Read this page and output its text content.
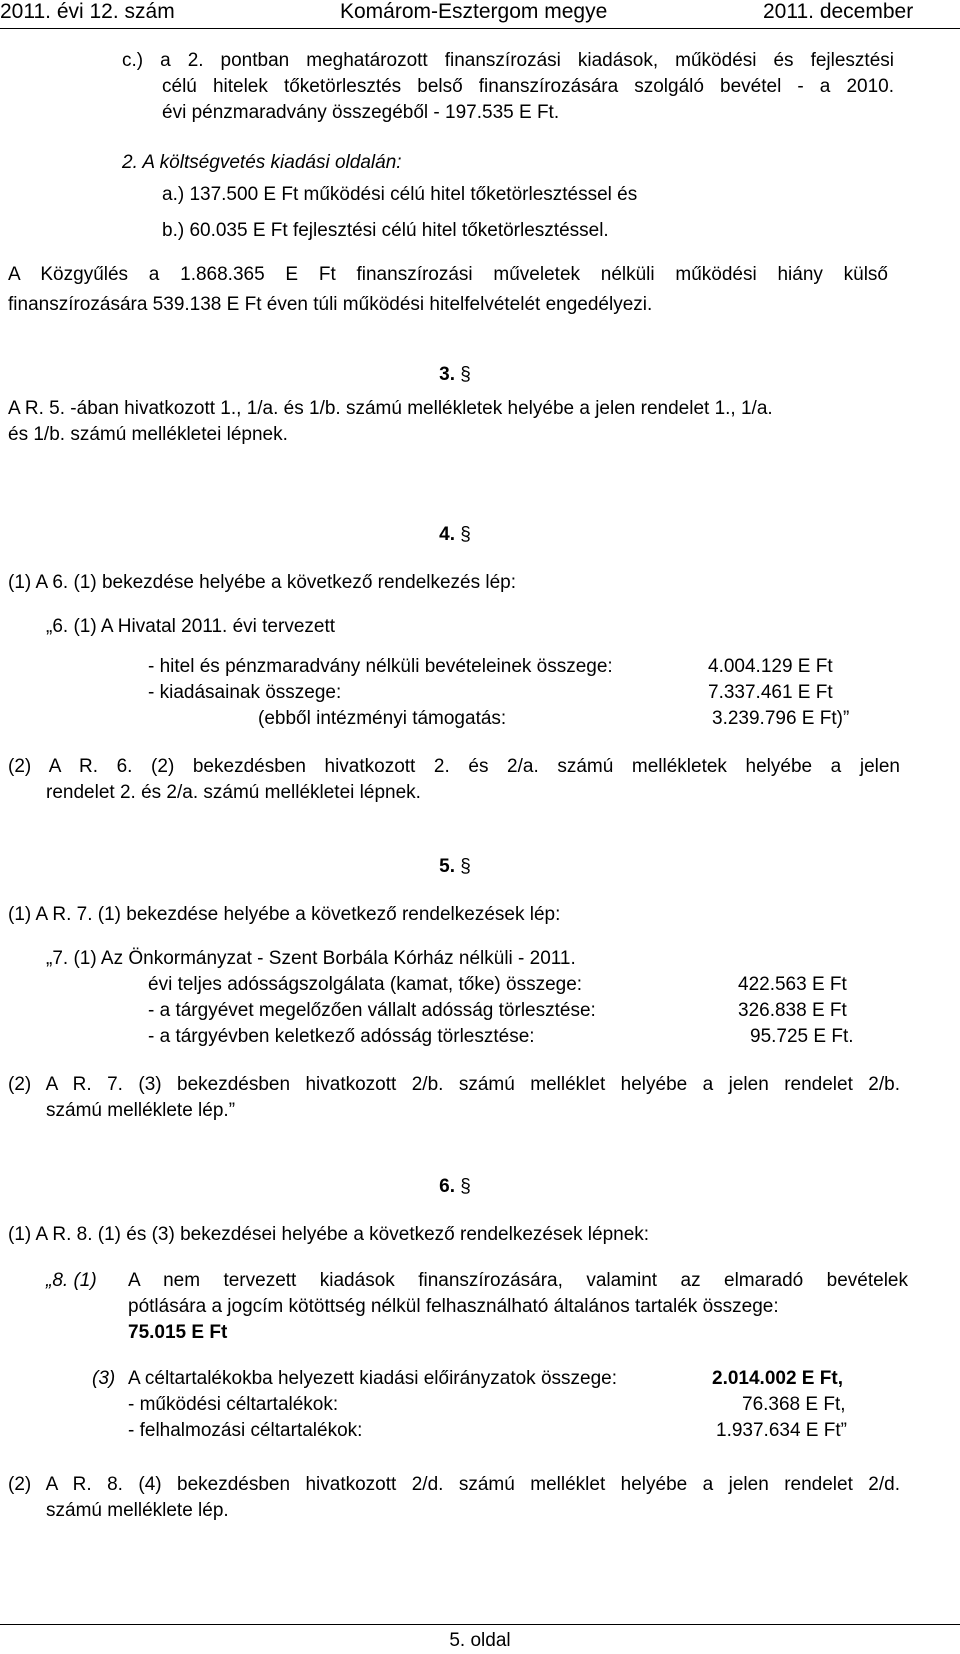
2011. évi 12. szám	Komárom-Esztergom megye	2011. december
c.) a 2. pontban meghatározott finanszírozási kiadások, működési és fejlesztési
célú hitelek tőketörlesztés belső finanszírozására szolgáló bevétel - a 2010.
évi pénzmaradvány összegéből - 197.535 E Ft.
2. A költségvetés kiadási oldalán:
a.) 137.500 E Ft működési célú hitel tőketörlesztéssel és
b.) 60.035 E Ft fejlesztési célú hitel tőketörlesztéssel.
A Közgyűlés a 1.868.365 E Ft finanszírozási műveletek nélküli működési hiány külső
finanszírozására 539.138 E Ft éven túli működési hitelfelvételét engedélyezi.
3. §
A R. 5. -ában hivatkozott 1., 1/a. és 1/b. számú mellékletek helyébe a jelen rendelet 1., 1/a.
és 1/b. számú mellékletei lépnek.
4. §
(1) A 6. (1) bekezdése helyébe a következő rendelkezés lép:
„6. (1) A Hivatal 2011. évi tervezett
- hitel és pénzmaradvány nélküli bevételeinek összege:	4.004.129 E Ft
- kiadásainak összege:	7.337.461 E Ft
(ebből intézményi támogatás:	3.239.796 E Ft)”
(2) A R. 6. (2) bekezdésben hivatkozott 2. és 2/a. számú mellékletek helyébe a jelen
rendelet 2. és 2/a. számú mellékletei lépnek.
5. §
(1) A R. 7. (1) bekezdése helyébe a következő rendelkezések lép:
„7. (1) Az Önkormányzat - Szent Borbála Kórház nélküli - 2011.
évi teljes adósságszolgálata (kamat, tőke) összege:	422.563 E Ft
- a tárgyévet megelőzően vállalt adósság törlesztése:	326.838 E Ft
- a tárgyévben keletkező adósság törlesztése:	95.725 E Ft.
(2) A R. 7. (3) bekezdésben hivatkozott 2/b. számú melléklet helyébe a jelen rendelet 2/b.
számú melléklete lép.”
6. §
(1) A R. 8. (1) és (3) bekezdései helyébe a következő rendelkezések lépnek:
„8. (1) A nem tervezett kiadások finanszírozására, valamint az elmaradó bevételek
pótlására a jogcím kötöttség nélkül felhasználható általános tartalék összege:
75.015 E Ft
(3) A céltartalékokba helyezett kiadási előirányzatok összege:	2.014.002 E Ft,
- működési céltartalékok:	76.368 E Ft,
- felhalmozási céltartalékok:	1.937.634 E Ft”
(2) A R. 8. (4) bekezdésben hivatkozott 2/d. számú melléklet helyébe a jelen rendelet 2/d.
számú melléklete lép.
5. oldal
